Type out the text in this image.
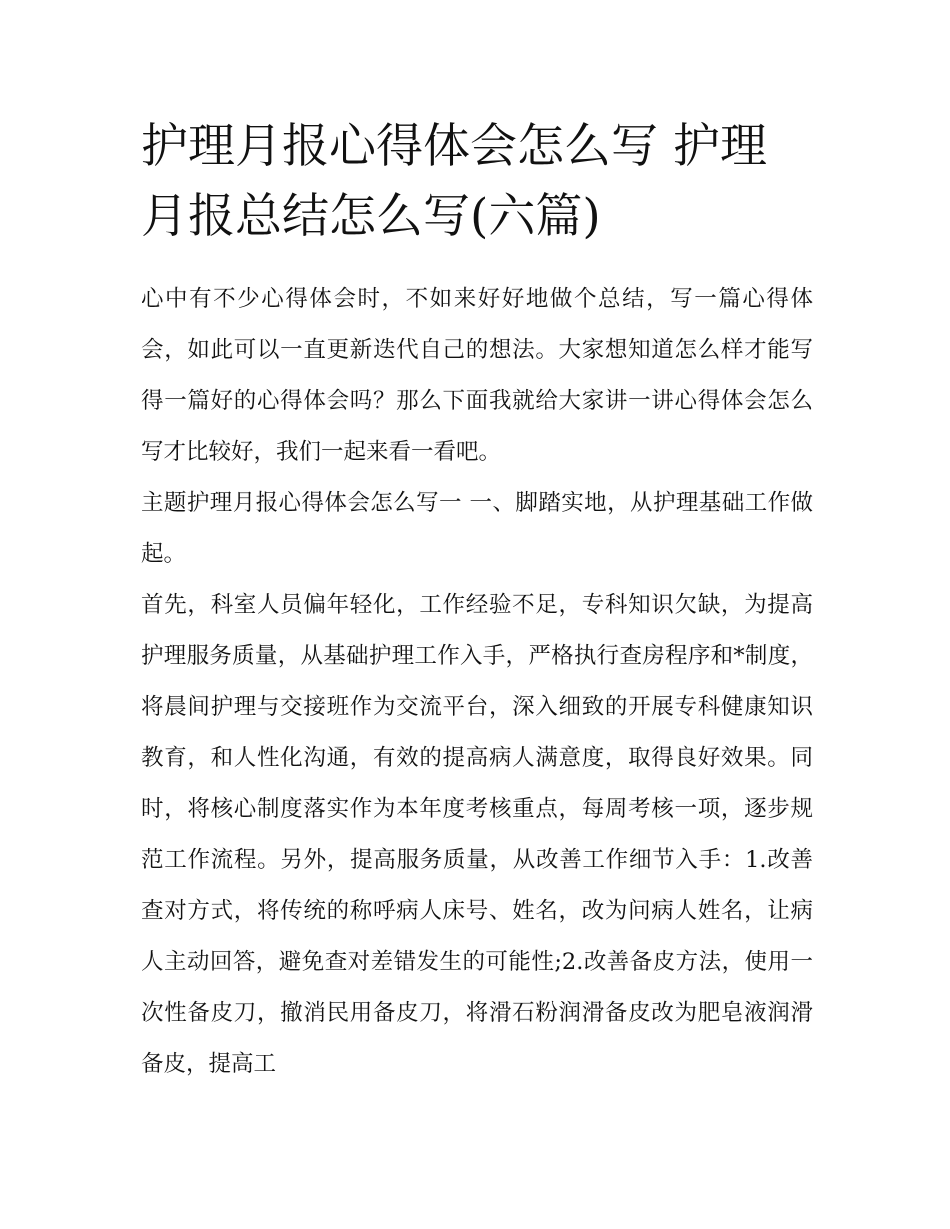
护理月报心得体会怎么写 护理月报总结怎么写(六篇)

心中有不少心得体会时，不如来好好地做个总结，写一篇心得体会，如此可以一直更新迭代自己的想法。大家想知道怎么样才能写得一篇好的心得体会吗？那么下面我就给大家讲一讲心得体会怎么写才比较好，我们一起来看一看吧。

主题护理月报心得体会怎么写一 一、脚踏实地，从护理基础工作做起。

首先，科室人员偏年轻化，工作经验不足，专科知识欠缺，为提高护理服务质量，从基础护理工作入手，严格执行查房程序和*制度，将晨间护理与交接班作为交流平台，深入细致的开展专科健康知识教育，和人性化沟通，有效的提高病人满意度，取得良好效果。同时，将核心制度落实作为本年度考核重点，每周考核一项，逐步规范工作流程。另外，提高服务质量，从改善工作细节入手：1.改善查对方式，将传统的称呼病人床号、姓名，改为问病人姓名，让病人主动回答，避免查对差错发生的可能性;2.改善备皮方法，使用一次性备皮刀，撤消民用备皮刀，将滑石粉润滑备皮改为肥皂液润滑备皮，提高工
